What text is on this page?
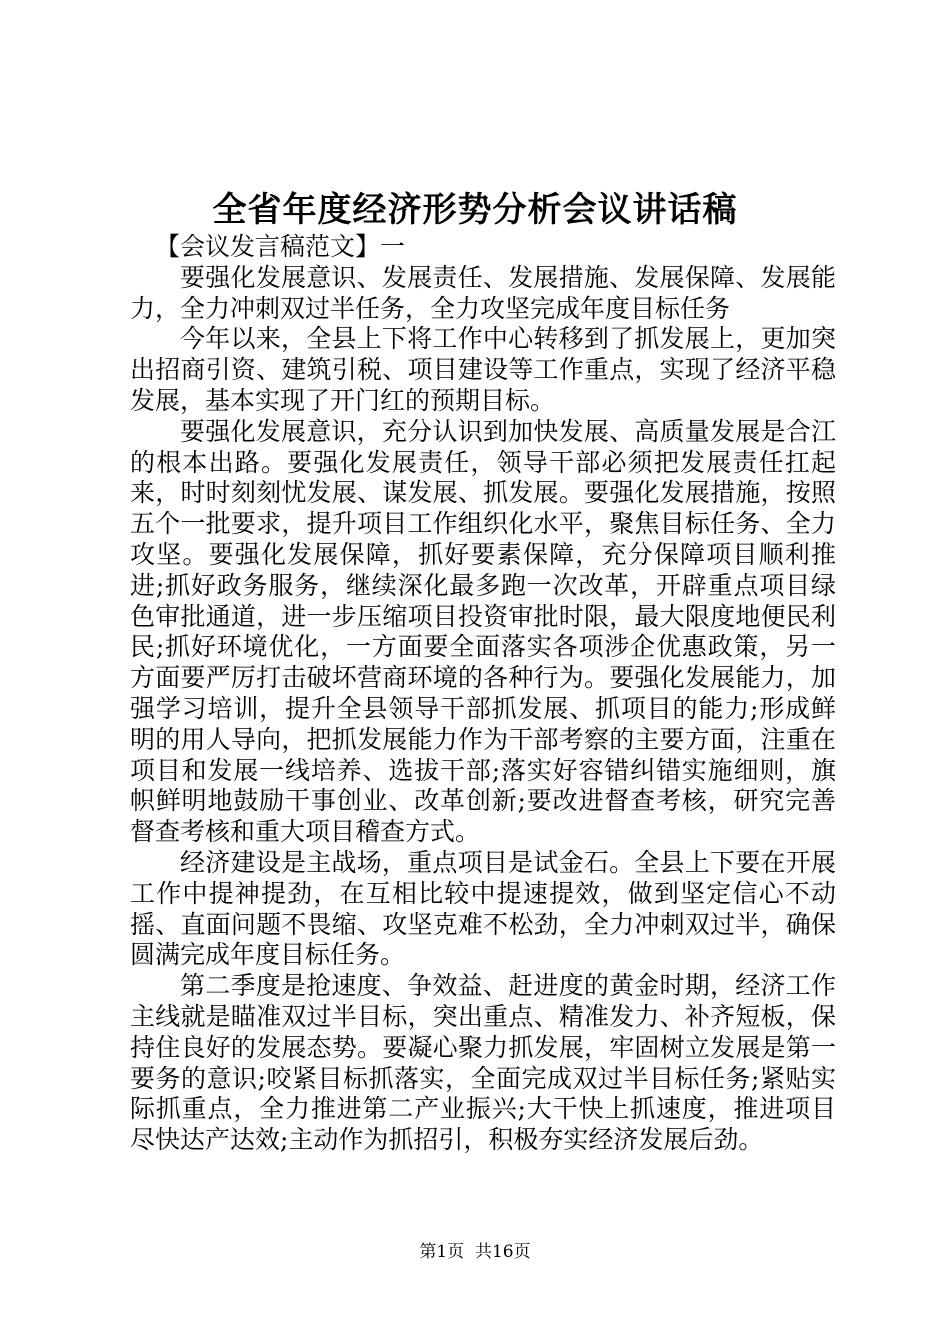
全省年度经济形势分析会议讲话稿

【会议发言稿范文】一

要强化发展意识、发展责任、发展措施、发展保障、发展能力，全力冲刺双过半任务，全力攻坚完成年度目标任务

今年以来，全县上下将工作中心转移到了抓发展上，更加突出招商引资、建筑引税、项目建设等工作重点，实现了经济平稳发展，基本实现了开门红的预期目标。

要强化发展意识，充分认识到加快发展、高质量发展是合江的根本出路。要强化发展责任，领导干部必须把发展责任扛起来，时时刻刻忧发展、谋发展、抓发展。要强化发展措施，按照五个一批要求，提升项目工作组织化水平，聚焦目标任务、全力攻坚。要强化发展保障，抓好要素保障，充分保障项目顺利推进;抓好政务服务，继续深化最多跑一次改革，开辟重点项目绿色审批通道，进一步压缩项目投资审批时限，最大限度地便民利民;抓好环境优化，一方面要全面落实各项涉企优惠政策，另一方面要严厉打击破坏营商环境的各种行为。要强化发展能力，加强学习培训，提升全县领导干部抓发展、抓项目的能力;形成鲜明的用人导向，把抓发展能力作为干部考察的主要方面，注重在项目和发展一线培养、选拔干部;落实好容错纠错实施细则，旗帜鲜明地鼓励干事创业、改革创新;要改进督查考核，研究完善督查考核和重大项目稽查方式。

经济建设是主战场，重点项目是试金石。全县上下要在开展工作中提神提劲，在互相比较中提速提效，做到坚定信心不动摇、直面问题不畏缩、攻坚克难不松劲，全力冲刺双过半，确保圆满完成年度目标任务。

第二季度是抢速度、争效益、赶进度的黄金时期，经济工作主线就是瞄准双过半目标，突出重点、精准发力、补齐短板，保持住良好的发展态势。要凝心聚力抓发展，牢固树立发展是第一要务的意识;咬紧目标抓落实，全面完成双过半目标任务;紧贴实际抓重点，全力推进第二产业振兴;大干快上抓速度，推进项目尽快达产达效;主动作为抓招引，积极夯实经济发展后劲。

第1页  共16页
